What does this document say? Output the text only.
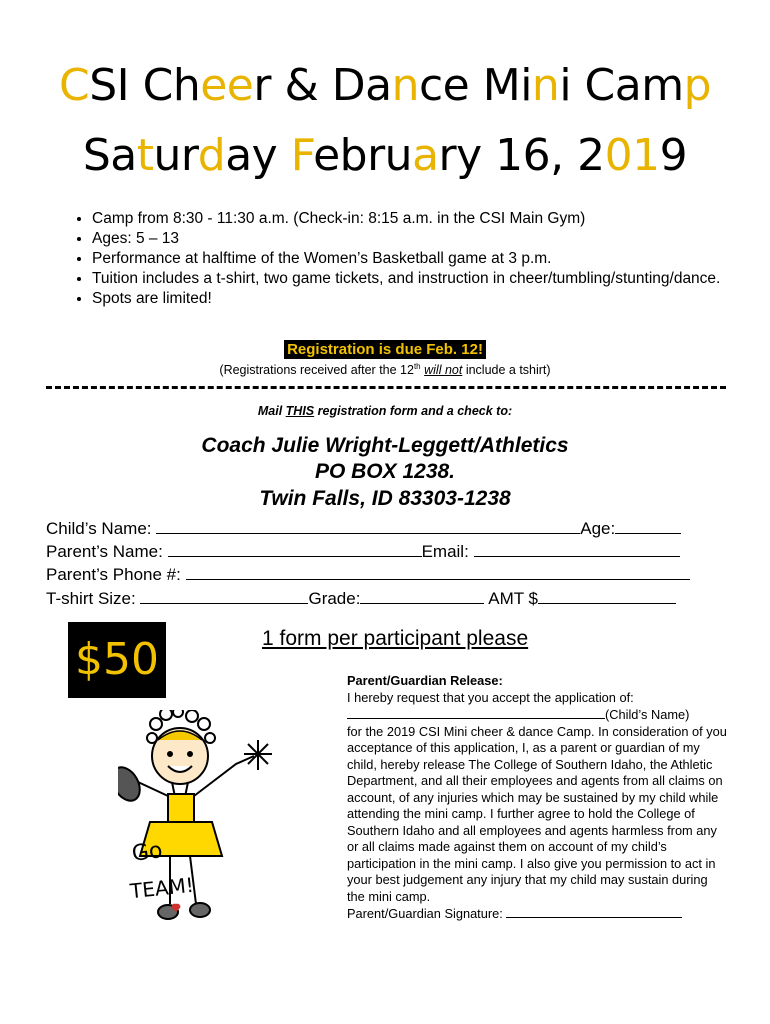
CSI Cheer & Dance Mini Camp
Saturday February 16, 2019
• Camp from 8:30 - 11:30 a.m. (Check-in: 8:15 a.m. in the CSI Main Gym)
• Ages: 5 – 13
• Performance at halftime of the Women’s Basketball game at 3 p.m.
• Tuition includes a t-shirt, two game tickets, and instruction in cheer/tumbling/stunting/dance.
• Spots are limited!
Registration is due Feb. 12!
(Registrations received after the 12th will not include a tshirt)
Mail THIS registration form and a check to:
Coach Julie Wright-Leggett/Athletics
PO BOX 1238.
Twin Falls, ID 83303-1238
Child’s Name:	Age:
Parent’s Name:	Email:
Parent’s Phone #:
T-shirt Size:	Grade:	AMT $
$50	1 form per participant please
Go
TEAM!
Parent/Guardian Release:
I hereby request that you accept the application of:
(Child’s Name)
for the 2019 CSI Mini cheer & dance Camp. In consideration of you acceptance of this application, I, as a parent or guardian of my child, hereby release The College of Southern Idaho, the Athletic Department, and all their employees and agents from all claims on account, of any injuries which may be sustained by my child while attending the mini camp. I further agree to hold the College of Southern Idaho and all employees and agents harmless from any or all claims made against them on account of my child’s participation in the mini camp. I also give you permission to act in your best judgement any injury that my child may sustain during the mini camp.
Parent/Guardian Signature:
